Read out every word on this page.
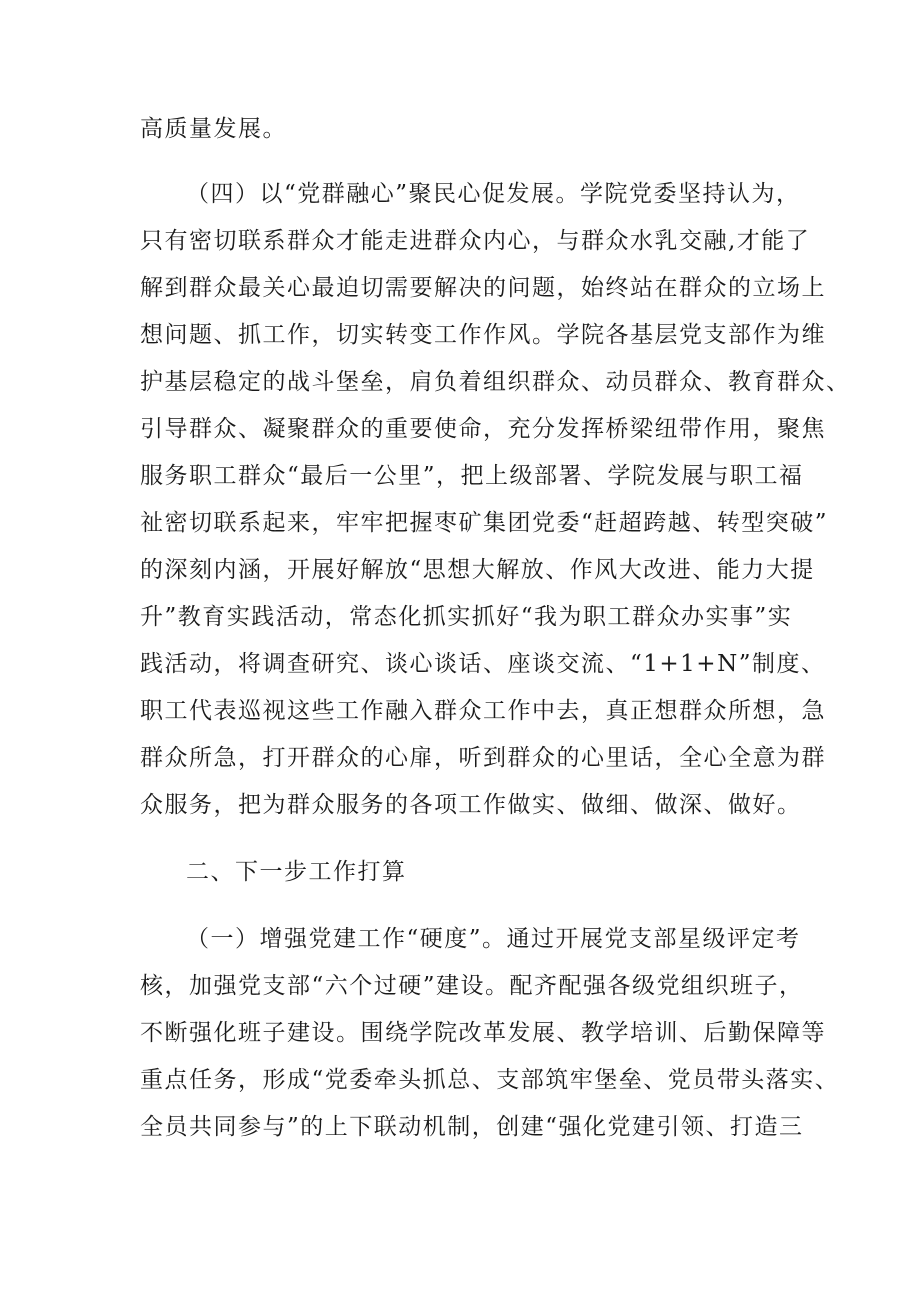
高质量发展。

（四）以“党群融心”聚民心促发展。学院党委坚持认为，

只有密切联系群众才能走进群众内心，与群众水乳交融,才能了

解到群众最关心最迫切需要解决的问题，始终站在群众的立场上

想问题、抓工作，切实转变工作作风。学院各基层党支部作为维

护基层稳定的战斗堡垒，肩负着组织群众、动员群众、教育群众、

引导群众、凝聚群众的重要使命，充分发挥桥梁纽带作用，聚焦

服务职工群众“最后一公里”，把上级部署、学院发展与职工福

祉密切联系起来，牢牢把握枣矿集团党委“赶超跨越、转型突破”

的深刻内涵，开展好解放“思想大解放、作风大改进、能力大提

升”教育实践活动，常态化抓实抓好“我为职工群众办实事”实

践活动，将调查研究、谈心谈话、座谈交流、“1+1+N”制度、

职工代表巡视这些工作融入群众工作中去，真正想群众所想，急

群众所急，打开群众的心扉，听到群众的心里话，全心全意为群

众服务，把为群众服务的各项工作做实、做细、做深、做好。

二、下一步工作打算

（一）增强党建工作“硬度”。通过开展党支部星级评定考

核，加强党支部“六个过硬”建设。配齐配强各级党组织班子，

不断强化班子建设。围绕学院改革发展、教学培训、后勤保障等

重点任务，形成“党委牵头抓总、支部筑牢堡垒、党员带头落实、

全员共同参与”的上下联动机制，创建“强化党建引领、打造三
